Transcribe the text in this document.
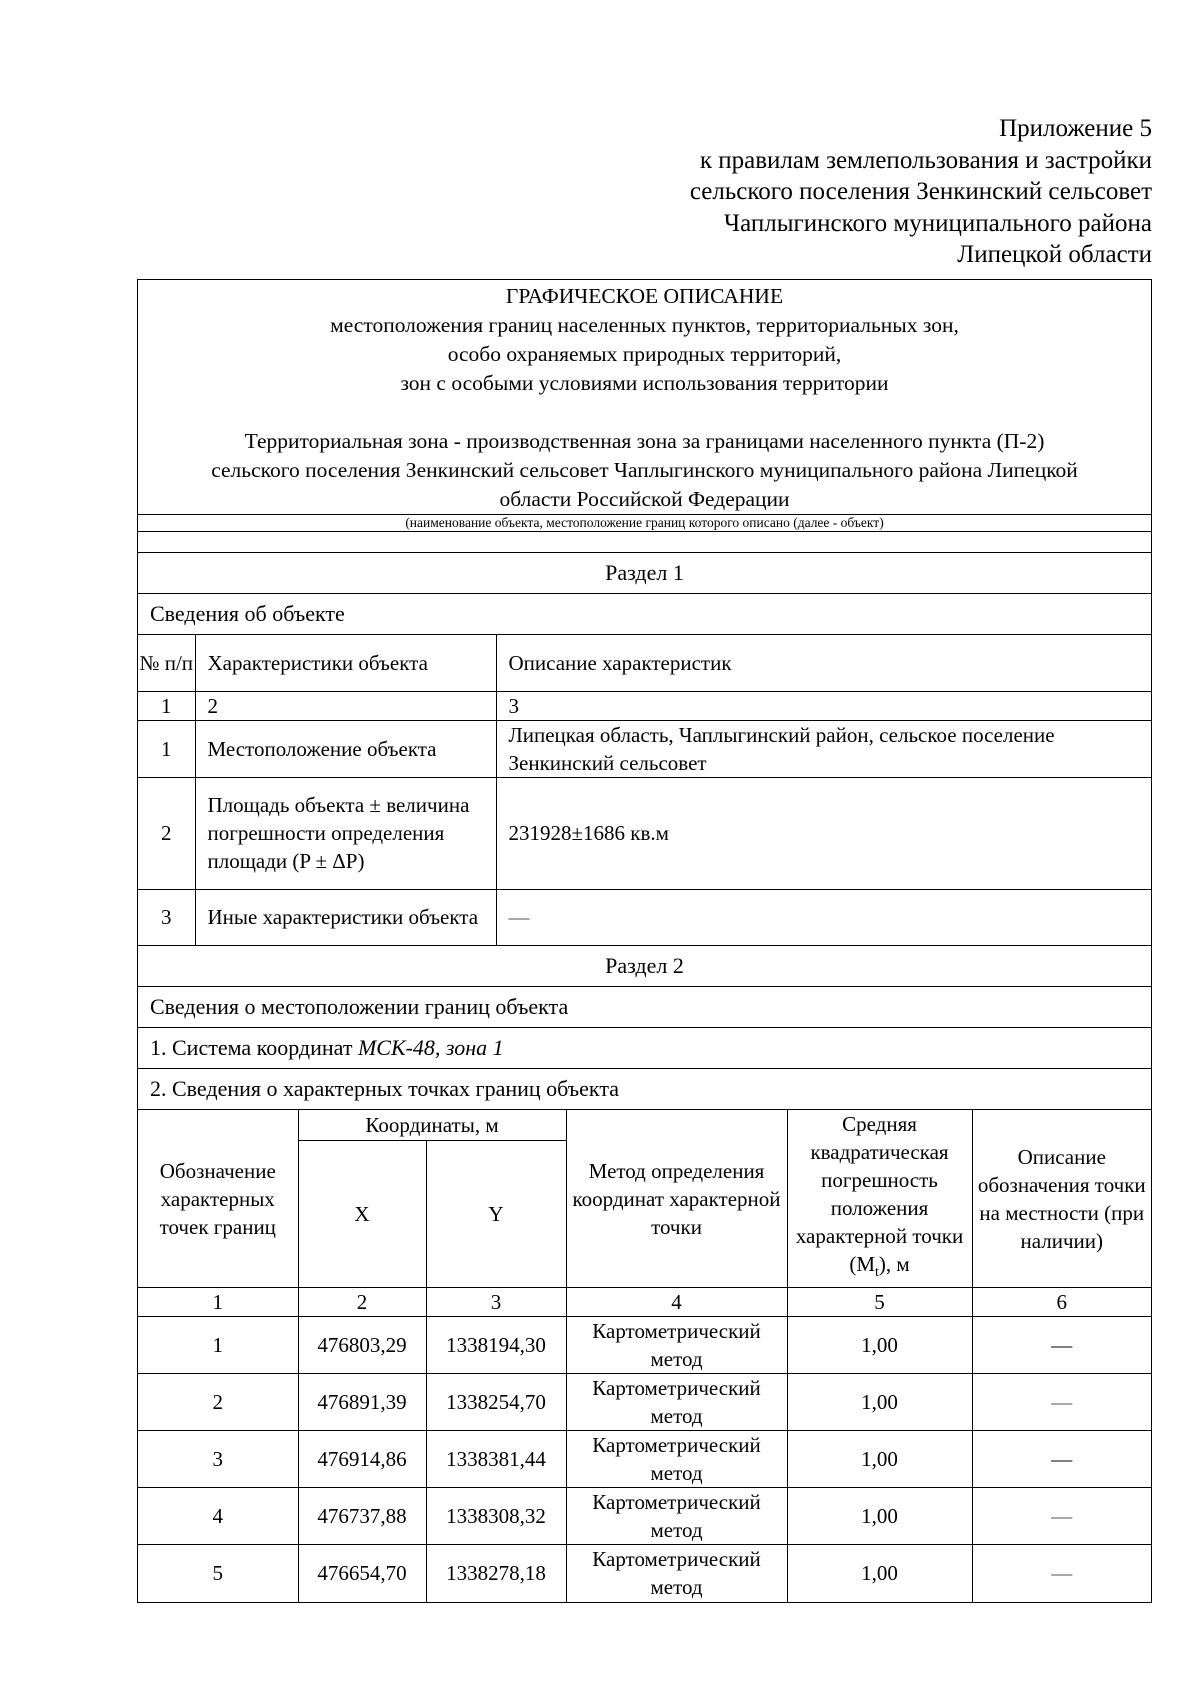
Приложение 5
к правилам землепользования и застройки
сельского поселения Зенкинский сельсовет
Чаплыгинского муниципального района
Липецкой области
ГРАФИЧЕСКОЕ ОПИСАНИЕ
местоположения границ населенных пунктов, территориальных зон,
особо охраняемых природных территорий,
зон с особыми условиями использования территории
Территориальная зона - производственная зона за границами населенного пункта (П-2)
сельского поселения Зенкинский сельсовет Чаплыгинского муниципального района Липецкой
области Российской Федерации

(наименование объекта, местоположение границ которого описано (далее - объект)

Раздел 1
Сведения об объекте

№ п/п	Характеристики объекта	Описание характеристик
1	2	3
1	Местоположение объекта	Липецкая область, Чаплыгинский район, сельское поселение Зенкинский сельсовет
2	Площадь объекта ± величина погрешности определения площади (P ± ΔP)	231928±1686 кв.м
3	Иные характеристики объекта	—

Раздел 2
Сведения о местоположении границ объекта
1. Система координат МСК-48, зона 1
2. Сведения о характерных точках границ объекта

Обозначение характерных точек границ	Координаты, м	Метод определения координат характерной точки	Средняя квадратическая погрешность положения характерной точки $(M_t)$, м	Описание обозначения точки на местности (при наличии)
X	Y
1	2	3	4	5	6
1	476803,29	1338194,30	Картометрический метод	1,00	—
2	476891,39	1338254,70	Картометрический метод	1,00	—
3	476914,86	1338381,44	Картометрический метод	1,00	—
4	476737,88	1338308,32	Картометрический метод	1,00	—
5	476654,70	1338278,18	Картометрический метод	1,00	—
